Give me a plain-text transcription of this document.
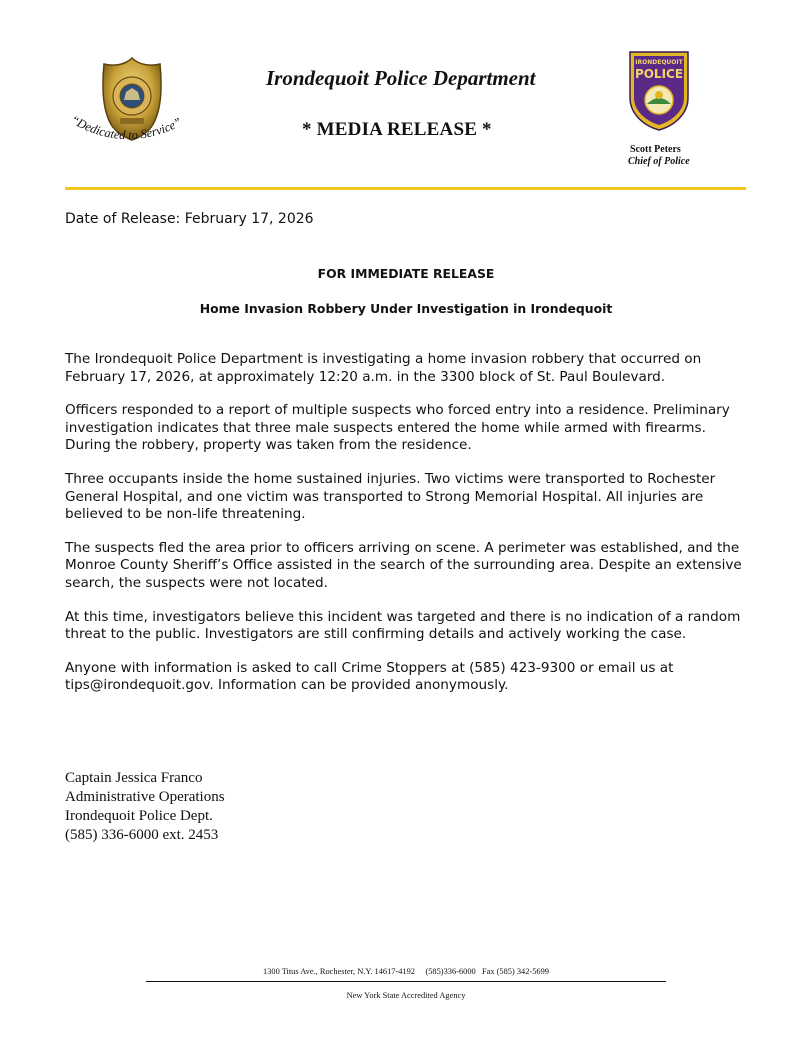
“Dedicated to Service”
Irondequoit Police Department
* MEDIA RELEASE *
IRONDEQUOIT
POLICE
Scott Peters
Chief of Police
Date of Release: February 17, 2026
FOR IMMEDIATE RELEASE
Home Invasion Robbery Under Investigation in Irondequoit

The Irondequoit Police Department is investigating a home invasion robbery that occurred on February 17, 2026, at approximately 12:20 a.m. in the 3300 block of St. Paul Boulevard.

Officers responded to a report of multiple suspects who forced entry into a residence. Preliminary investigation indicates that three male suspects entered the home while armed with firearms. During the robbery, property was taken from the residence.

Three occupants inside the home sustained injuries. Two victims were transported to Rochester General Hospital, and one victim was transported to Strong Memorial Hospital. All injuries are believed to be non-life threatening.

The suspects fled the area prior to officers arriving on scene. A perimeter was established, and the Monroe County Sheriff’s Office assisted in the search of the surrounding area. Despite an extensive search, the suspects were not located.

At this time, investigators believe this incident was targeted and there is no indication of a random threat to the public. Investigators are still confirming details and actively working the case.

Anyone with information is asked to call Crime Stoppers at (585) 423-9300 or email us at tips@irondequoit.gov. Information can be provided anonymously.

Captain Jessica Franco
Administrative Operations
Irondequoit Police Dept.
(585) 336-6000 ext. 2453
1300 Titus Ave., Rochester, N.Y. 14617-4192     (585)336-6000   Fax (585) 342-5699
New York State Accredited Agency
